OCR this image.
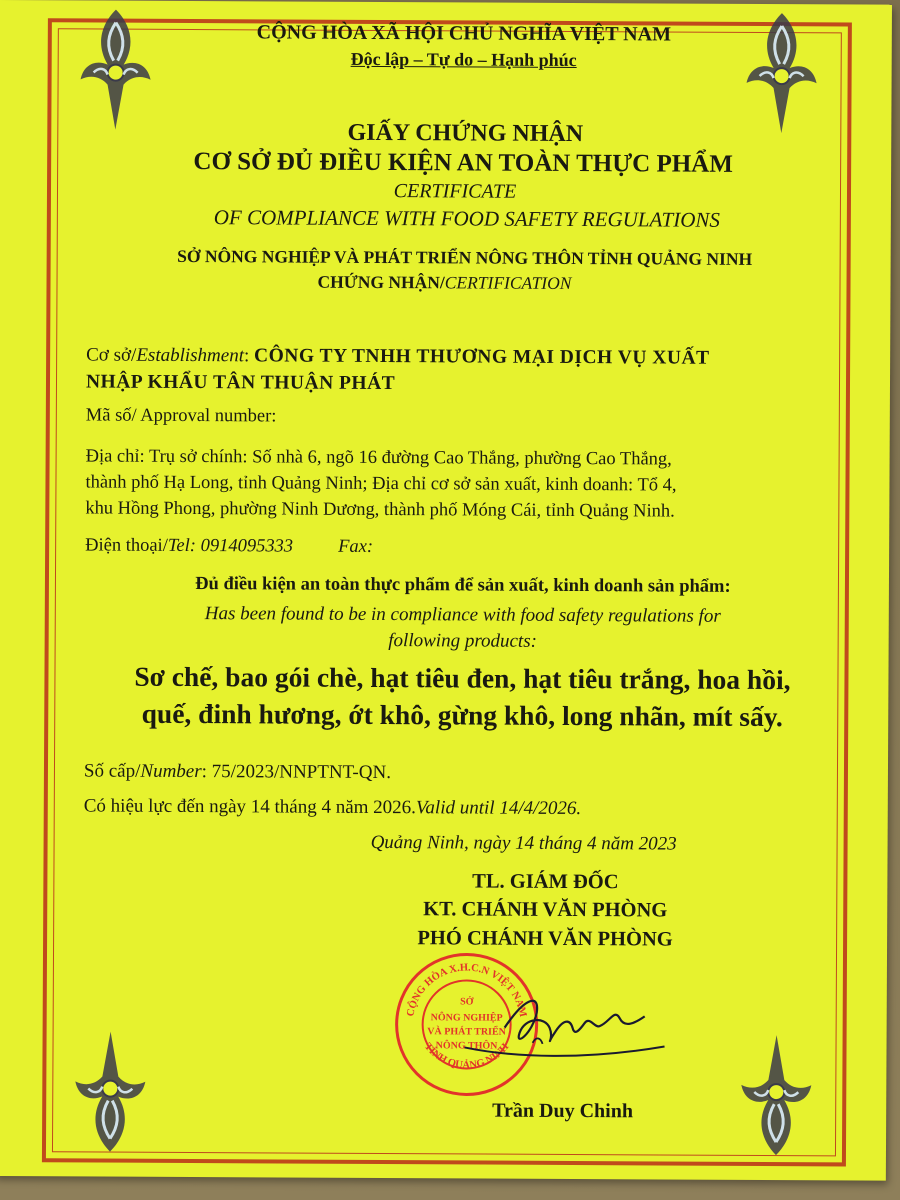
CỘNG HÒA XÃ HỘI CHỦ NGHĨA VIỆT NAM
Độc lập – Tự do – Hạnh phúc
GIẤY CHỨNG NHẬN
CƠ SỞ ĐỦ ĐIỀU KIỆN AN TOÀN THỰC PHẨM
CERTIFICATE
OF COMPLIANCE WITH FOOD SAFETY REGULATIONS
SỞ NÔNG NGHIỆP VÀ PHÁT TRIỂN NÔNG THÔN TỈNH QUẢNG NINH
CHỨNG NHẬN/CERTIFICATION
Cơ sở/Establishment: CÔNG TY TNHH THƯƠNG MẠI DỊCH VỤ XUẤT
NHẬP KHẨU TÂN THUẬN PHÁT
Mã số/ Approval number:
Địa chỉ: Trụ sở chính: Số nhà 6, ngõ 16 đường Cao Thắng, phường Cao Thắng,
thành phố Hạ Long, tỉnh Quảng Ninh; Địa chỉ cơ sở sản xuất, kinh doanh: Tổ 4,
khu Hồng Phong, phường Ninh Dương, thành phố Móng Cái, tỉnh Quảng Ninh.
Điện thoại/Tel: 0914095333 Fax:
Đủ điều kiện an toàn thực phẩm để sản xuất, kinh doanh sản phẩm:
Has been found to be in compliance with food safety regulations for
following products:
Sơ chế, bao gói chè, hạt tiêu đen, hạt tiêu trắng, hoa hồi,
quế, đinh hương, ớt khô, gừng khô, long nhãn, mít sấy.
Số cấp/Number: 75/2023/NNPTNT-QN.
Có hiệu lực đến ngày 14 tháng 4 năm 2026.Valid until 14/4/2026.
Quảng Ninh, ngày 14 tháng 4 năm 2023
TL. GIÁM ĐỐC
KT. CHÁNH VĂN PHÒNG
PHÓ CHÁNH VĂN PHÒNG
CỘNG HÒA X.H.C.N VIỆT NAM
TỈNH QUẢNG NINH
SỞ
NÔNG NGHIỆP
VÀ PHÁT TRIỂN
NÔNG THÔN
Trần Duy Chinh
